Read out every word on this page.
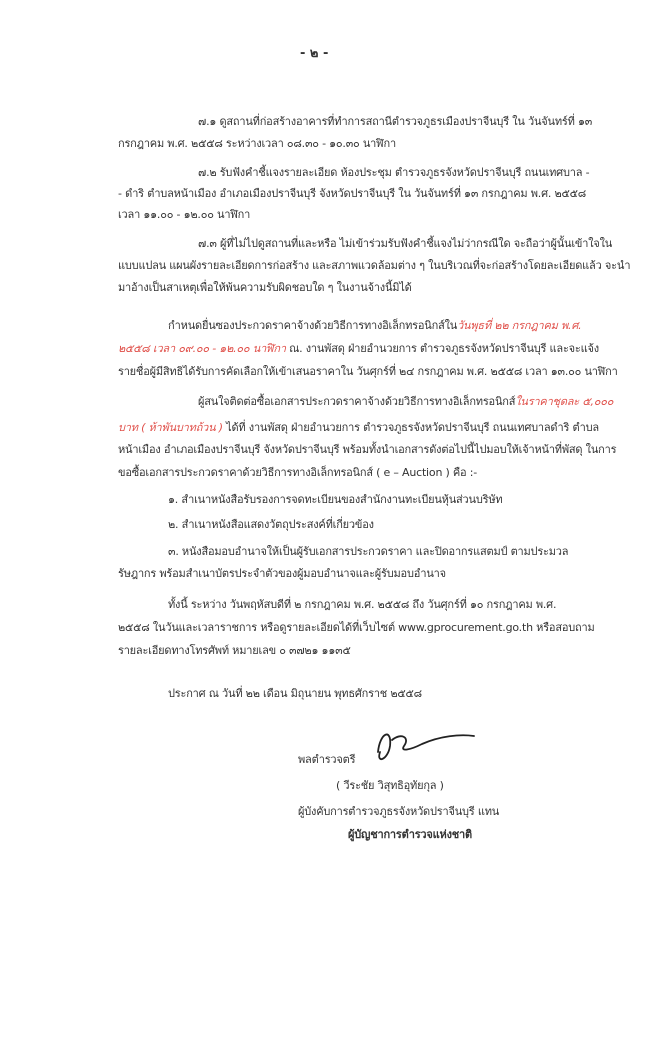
- ๒ -
๗.๑ ดูสถานที่ก่อสร้างอาคารที่ทำการสถานีตำรวจภูธรเมืองปราจีนบุรี ใน วันจันทร์ที่ ๑๓
กรกฎาคม พ.ศ. ๒๕๕๘ ระหว่างเวลา ๐๘.๓๐ - ๑๐.๓๐ นาฬิกา
๗.๒ รับฟังคำชี้แจงรายละเอียด ห้องประชุม ตำรวจภูธรจังหวัดปราจีนบุรี ถนนเทศบาล -
- ดำริ ตำบลหน้าเมือง อำเภอเมืองปราจีนบุรี จังหวัดปราจีนบุรี ใน วันจันทร์ที่ ๑๓ กรกฎาคม พ.ศ. ๒๕๕๘
เวลา ๑๑.๐๐ - ๑๒.๐๐ นาฬิกา
๗.๓ ผู้ที่ไม่ไปดูสถานที่และหรือ ไม่เข้าร่วมรับฟังคำชี้แจงไม่ว่ากรณีใด จะถือว่าผู้นั้นเข้าใจใน
แบบแปลน แผนผังรายละเอียดการก่อสร้าง และสภาพแวดล้อมต่าง ๆ ในบริเวณที่จะก่อสร้างโดยละเอียดแล้ว จะนำ
มาอ้างเป็นสาเหตุเพื่อให้พ้นความรับผิดชอบใด ๆ ในงานจ้างนี้มิได้
กำหนดยื่นซองประกวดราคาจ้างด้วยวิธีการทางอิเล็กทรอนิกส์ในวันพุธที่ ๒๒ กรกฎาคม พ.ศ.
๒๕๕๘ เวลา ๐๙.๐๐ - ๑๒.๐๐ นาฬิกา ณ. งานพัสดุ ฝ่ายอำนวยการ ตำรวจภูธรจังหวัดปราจีนบุรี และจะแจ้ง
รายชื่อผู้มีสิทธิได้รับการคัดเลือกให้เข้าเสนอราคาใน วันศุกร์ที่ ๒๔ กรกฎาคม พ.ศ. ๒๕๕๘ เวลา ๑๓.๐๐ นาฬิกา
ผู้สนใจติดต่อซื้อเอกสารประกวดราคาจ้างด้วยวิธีการทางอิเล็กทรอนิกส์ในราคาชุดละ ๕,๐๐๐
บาท ( ห้าพันบาทถ้วน ) ได้ที่ งานพัสดุ ฝ่ายอำนวยการ ตำรวจภูธรจังหวัดปราจีนบุรี ถนนเทศบาลดำริ ตำบล
หน้าเมือง อำเภอเมืองปราจีนบุรี จังหวัดปราจีนบุรี พร้อมทั้งนำเอกสารดังต่อไปนี้ไปมอบให้เจ้าหน้าที่พัสดุ ในการ
ขอซื้อเอกสารประกวดราคาด้วยวิธีการทางอิเล็กทรอนิกส์ ( e – Auction ) คือ :-
๑. สำเนาหนังสือรับรองการจดทะเบียนของสำนักงานทะเบียนหุ้นส่วนบริษัท
๒. สำเนาหนังสือแสดงวัตถุประสงค์ที่เกี่ยวข้อง
๓. หนังสือมอบอำนาจให้เป็นผู้รับเอกสารประกวดราคา และปิดอากรแสตมป์ ตามประมวล
รัษฎากร พร้อมสำเนาบัตรประจำตัวของผู้มอบอำนาจและผู้รับมอบอำนาจ
ทั้งนี้ ระหว่าง วันพฤหัสบดีที่ ๒ กรกฎาคม พ.ศ. ๒๕๕๘ ถึง วันศุกร์ที่ ๑๐ กรกฎาคม พ.ศ.
๒๕๕๘ ในวันและเวลาราชการ หรือดูรายละเอียดได้ที่เว็บไซต์ www.gprocurement.go.th หรือสอบถาม
รายละเอียดทางโทรศัพท์ หมายเลข ๐ ๓๗๒๑ ๑๑๓๕
ประกาศ ณ วันที่ ๒๒ เดือน มิถุนายน พุทธศักราช ๒๕๕๘
พลตำรวจตรี
( วีระชัย วิสุทธิอุทัยกุล )
ผู้บังคับการตำรวจภูธรจังหวัดปราจีนบุรี แทน
ผู้บัญชาการตำรวจแห่งชาติ
